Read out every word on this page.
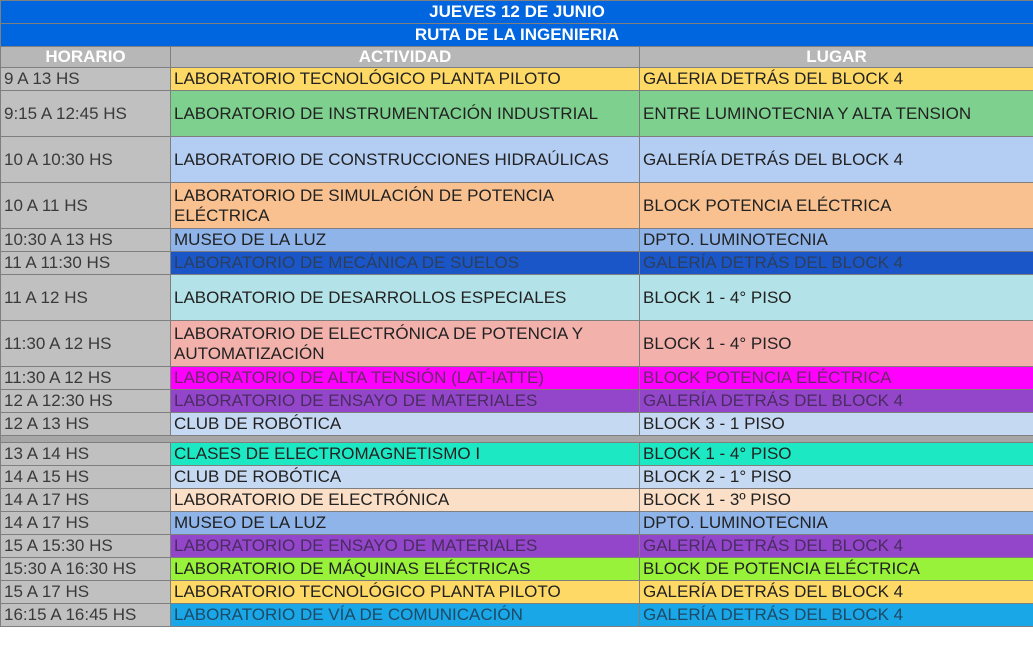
JUEVES 12 DE JUNIO		
RUTA DE LA INGENIERIA		
HORARIO	ACTIVIDAD	LUGAR
9 A 13 HS	LABORATORIO TECNOLÓGICO PLANTA PILOTO	GALERIA DETRÁS DEL BLOCK 4
9:15 A 12:45 HS	LABORATORIO DE INSTRUMENTACIÓN INDUSTRIAL	ENTRE LUMINOTECNIA Y ALTA TENSION
10 A 10:30 HS	LABORATORIO DE CONSTRUCCIONES HIDRAÚLICAS	GALERÍA DETRÁS DEL BLOCK 4
10 A 11 HS	LABORATORIO DE SIMULACIÓN DE POTENCIA ELÉCTRICA	BLOCK POTENCIA ELÉCTRICA
10:30 A 13 HS	MUSEO DE LA LUZ	DPTO. LUMINOTECNIA
11 A 11:30 HS	LABORATORIO DE MECÁNICA DE SUELOS	GALERÍA DETRÁS DEL BLOCK 4
11 A 12 HS	LABORATORIO DE DESARROLLOS ESPECIALES	BLOCK 1 - 4° PISO
11:30 A 12 HS	LABORATORIO DE ELECTRÓNICA DE POTENCIA Y AUTOMATIZACIÓN	BLOCK 1 - 4° PISO
11:30 A 12 HS	LABORATORIO DE ALTA TENSIÓN (LAT-IATTE)	BLOCK POTENCIA ELÉCTRICA
12 A 12:30 HS	LABORATORIO DE ENSAYO DE MATERIALES	GALERÍA DETRÁS DEL BLOCK 4
12 A 13 HS	CLUB DE ROBÓTICA	BLOCK 3 - 1 PISO

13 A 14 HS	CLASES DE ELECTROMAGNETISMO I	BLOCK 1 - 4° PISO
14 A 15 HS	CLUB DE ROBÓTICA	BLOCK 2 - 1° PISO
14 A 17 HS	LABORATORIO DE ELECTRÓNICA	BLOCK 1 - 3º PISO
14 A 17 HS	MUSEO DE LA LUZ	DPTO. LUMINOTECNIA
15 A 15:30 HS	LABORATORIO DE ENSAYO DE MATERIALES	GALERÍA DETRÁS DEL BLOCK 4
15:30 A 16:30 HS	LABORATORIO DE MÁQUINAS ELÉCTRICAS	BLOCK DE POTENCIA ELÉCTRICA
15 A 17 HS	LABORATORIO TECNOLÓGICO PLANTA PILOTO	GALERÍA DETRÁS DEL BLOCK 4
16:15 A 16:45 HS	LABORATORIO DE VÍA DE COMUNICACIÓN	GALERÍA DETRÁS DEL BLOCK 4
